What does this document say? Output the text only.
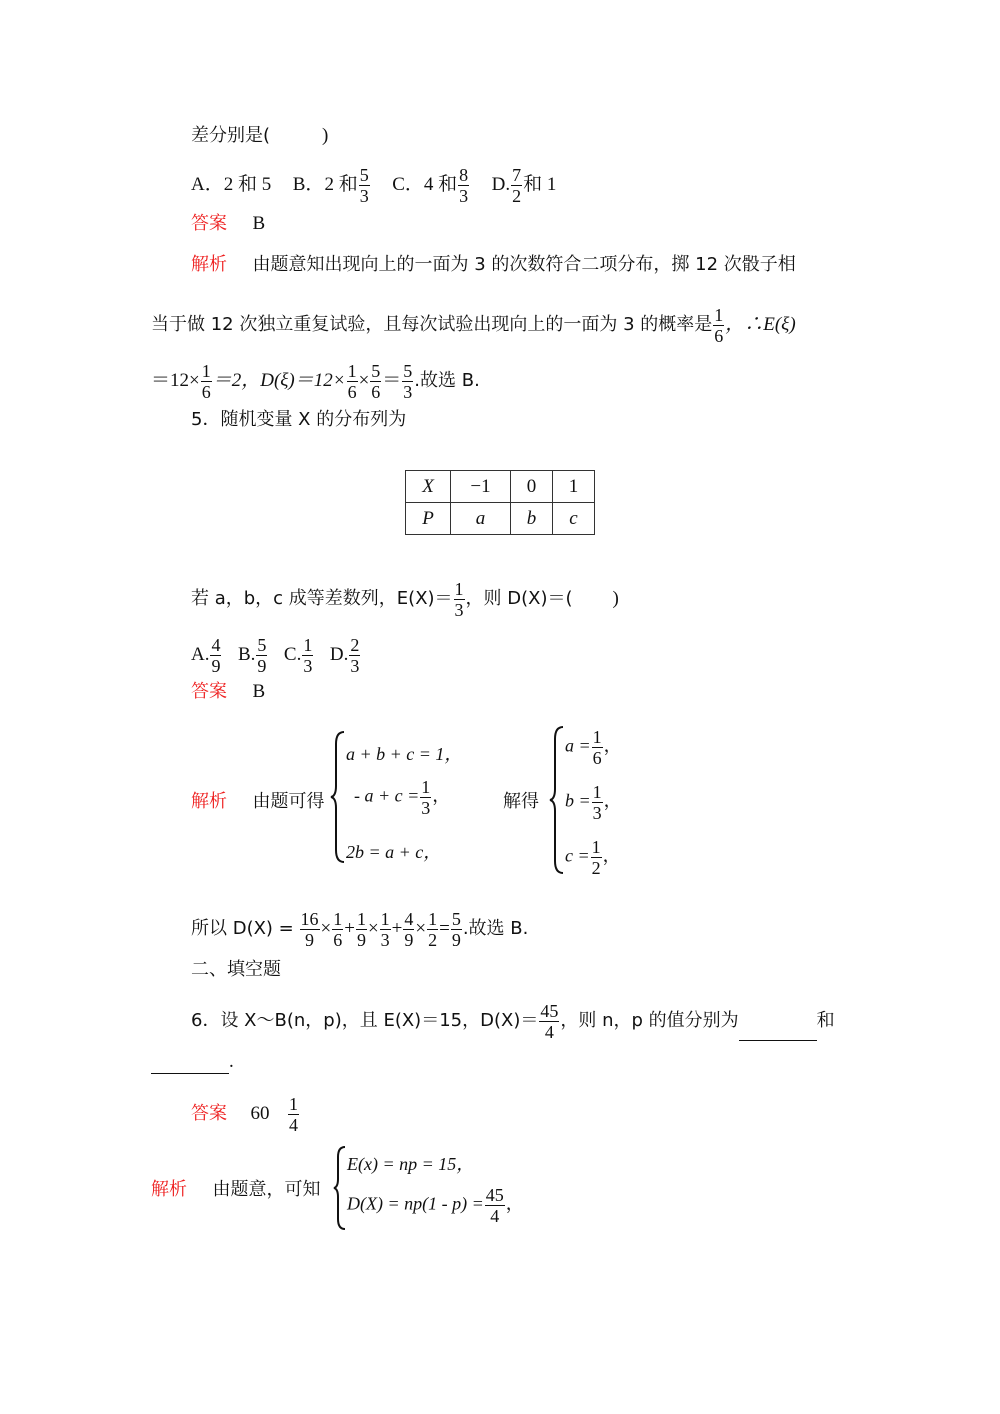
差分别是(	)
A．2 和 5 B．2 和 $\frac{5}{3}$ C．4 和 $\frac{8}{3} D$. $\frac{7}{2}$ 和 1
答案 B
解析 由题意知出现向上的一面为 3 的次数符合二项分布，掷 12 次骰子相
当于做 12 次独立重复试验，且每次试验出现向上的一面为 3 的概率是 $\frac{1}{6}$ ，∴E(ξ)
$=12\times \frac{1}{6} =2$，$D(\xi)=12\times \frac{1}{6} \times \frac{5}{6} = \frac{5}{3}$ .故选 B.
5．随机变量 X 的分布列为
X	−1	0	1
P	a	b	c
若 a，b，c 成等差数列，$E(X)= \frac{1}{3}$ ，则 D(X)＝( )
A. $\frac{4}{9} B$. $\frac{5}{9} C$. $\frac{1}{3} D$. $\frac{2}{3}$
答案 B
解析 由题可得
a + b + c = 1，
- $a + c = \frac{1}{3}$ ，
2b = a + c，
解得
$a = \frac{1}{6}$ ，
$b = \frac{1}{3}$ ，
$c = \frac{1}{2}$ ，
所以 $D(X) = \frac{16}{9} \times \frac{1}{6} + \frac{1}{9} \times \frac{1}{3} + \frac{4}{9} \times \frac{1}{2} = \frac{5}{9}$ .故选 B.
二、填空题
6．设 X～B(n，p)，且 E(X)＝15，$D(X)= \frac{45}{4}$ ，则 n，p 的值分别为	和
.
答案 $60 \frac{1}{4}$
解析 由题意，可知
E(x) = np = 15，
$D(X) = np(1 - p) = \frac{45}{4}$ ，
